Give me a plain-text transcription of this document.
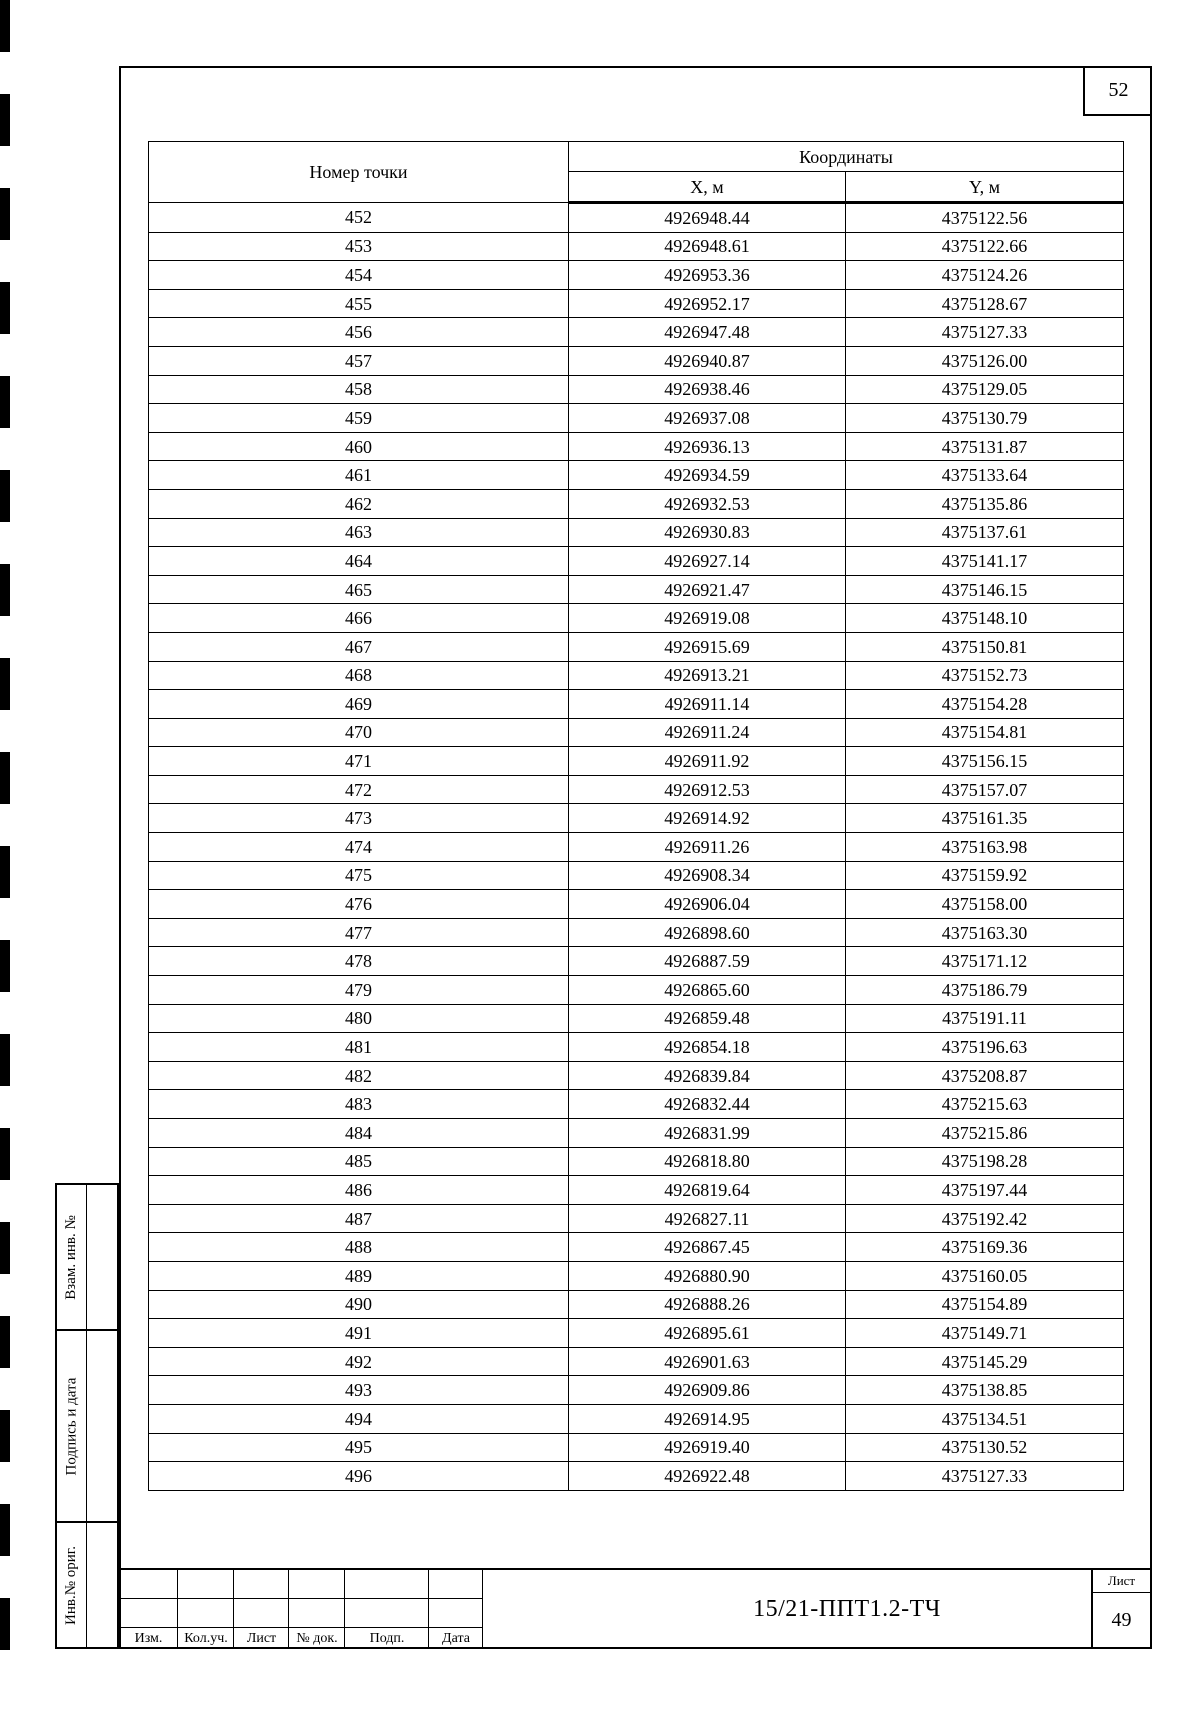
52
Номер точки	Координаты	
	X, м	Y, м
452	4926948.44	4375122.56
453	4926948.61	4375122.66
454	4926953.36	4375124.26
455	4926952.17	4375128.67
456	4926947.48	4375127.33
457	4926940.87	4375126.00
458	4926938.46	4375129.05
459	4926937.08	4375130.79
460	4926936.13	4375131.87
461	4926934.59	4375133.64
462	4926932.53	4375135.86
463	4926930.83	4375137.61
464	4926927.14	4375141.17
465	4926921.47	4375146.15
466	4926919.08	4375148.10
467	4926915.69	4375150.81
468	4926913.21	4375152.73
469	4926911.14	4375154.28
470	4926911.24	4375154.81
471	4926911.92	4375156.15
472	4926912.53	4375157.07
473	4926914.92	4375161.35
474	4926911.26	4375163.98
475	4926908.34	4375159.92
476	4926906.04	4375158.00
477	4926898.60	4375163.30
478	4926887.59	4375171.12
479	4926865.60	4375186.79
480	4926859.48	4375191.11
481	4926854.18	4375196.63
482	4926839.84	4375208.87
483	4926832.44	4375215.63
484	4926831.99	4375215.86
485	4926818.80	4375198.28
486	4926819.64	4375197.44
487	4926827.11	4375192.42
488	4926867.45	4375169.36
489	4926880.90	4375160.05
490	4926888.26	4375154.89
491	4926895.61	4375149.71
492	4926901.63	4375145.29
493	4926909.86	4375138.85
494	4926914.95	4375134.51
495	4926919.40	4375130.52
496	4926922.48	4375127.33
Взам. инв. №
Подпись и дата
Инв.№ ориг.
Изм.	Кол.уч.	Лист	№ док.	Подп.	Дата
15/21-ППТ1.2-ТЧ
Лист
49
